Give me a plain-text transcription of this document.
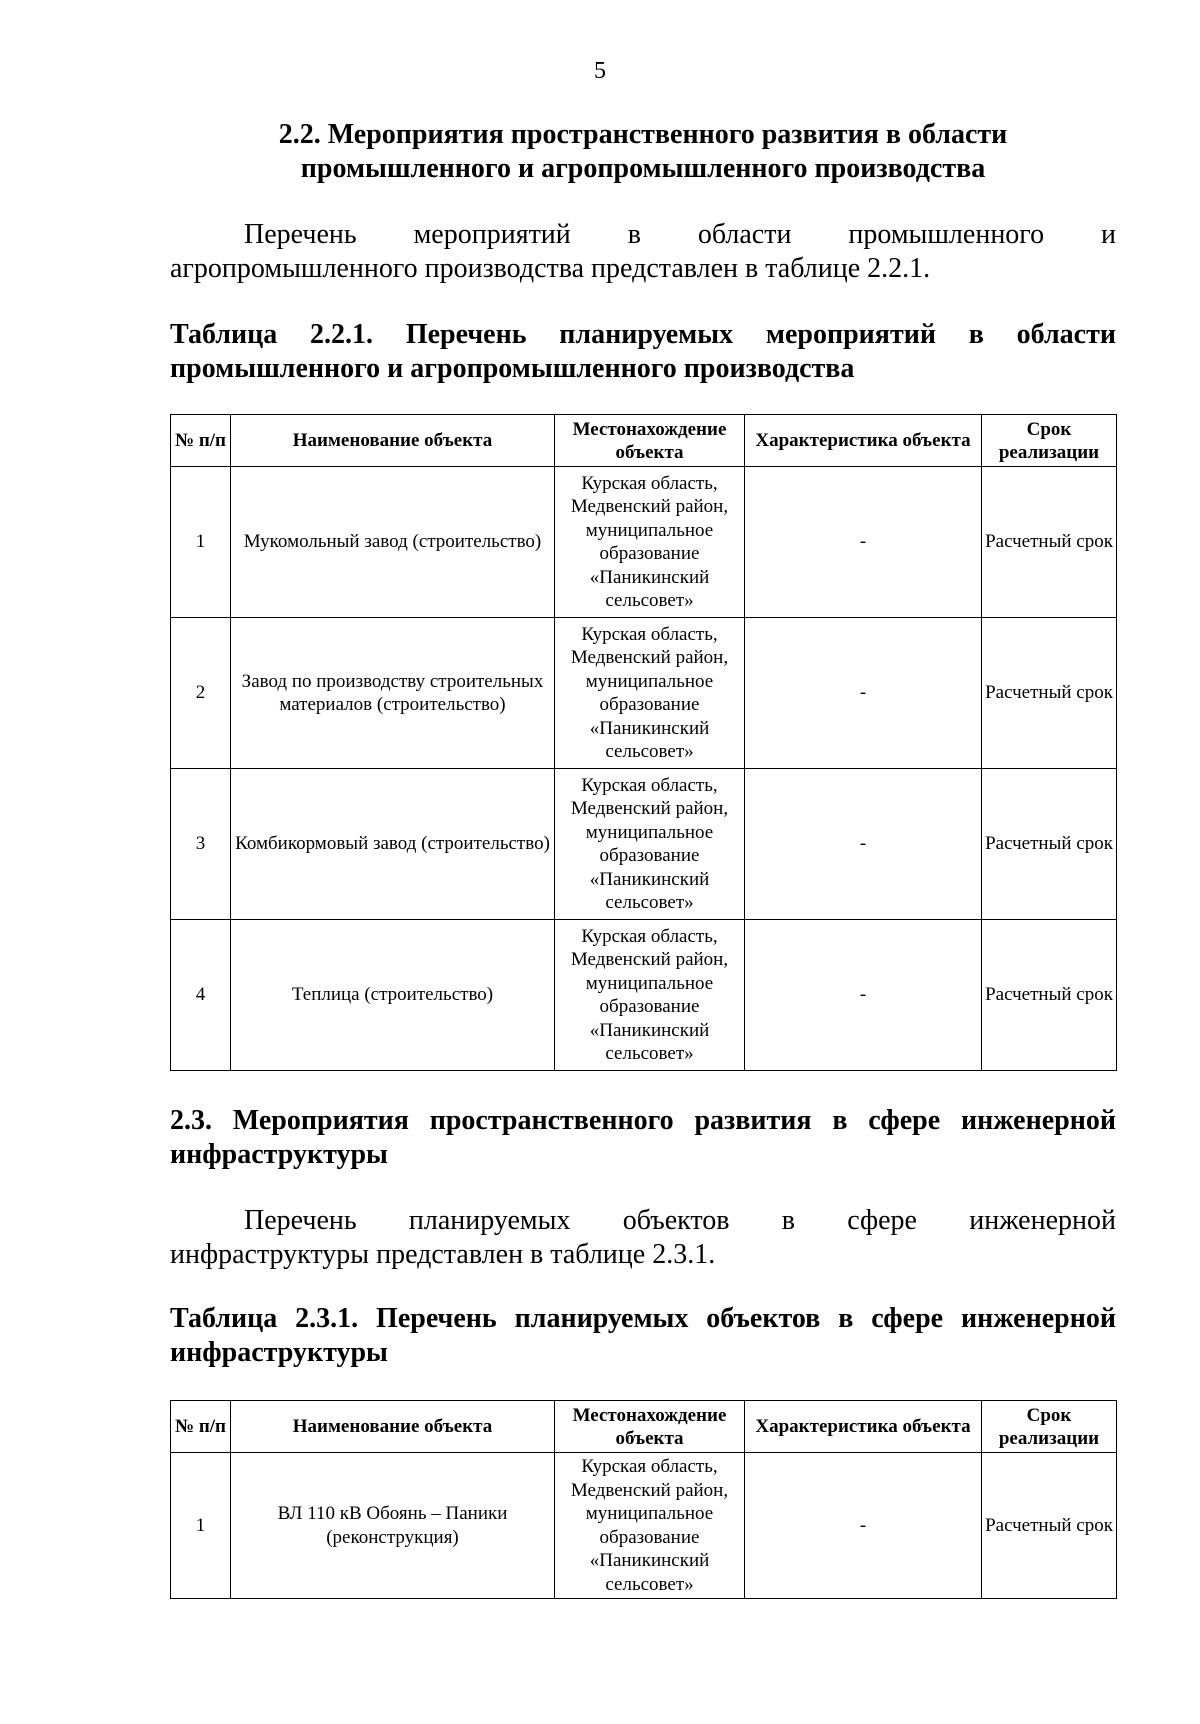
5
2.2. Мероприятия пространственного развития в области
промышленного и агропромышленного производства
Перечень мероприятий в области промышленного и
агропромышленного производства представлен в таблице 2.2.1.
Таблица 2.2.1. Перечень планируемых мероприятий в области
промышленного и агропромышленного производства
№ п/п	Наименование объекта	Местонахождение объекта	Характеристика объекта	Срок реализации
1	Мукомольный завод (строительство)	Курская область, Медвенский район, муниципальное образование «Паникинский сельсовет»	-	Расчетный срок
2	Завод по производству строительных материалов (строительство)	Курская область, Медвенский район, муниципальное образование «Паникинский сельсовет»	-	Расчетный срок
3	Комбикормовый завод (строительство)	Курская область, Медвенский район, муниципальное образование «Паникинский сельсовет»	-	Расчетный срок
4	Теплица (строительство)	Курская область, Медвенский район, муниципальное образование «Паникинский сельсовет»	-	Расчетный срок
2.3. Мероприятия пространственного развития в сфере инженерной
инфраструктуры
Перечень планируемых объектов в сфере инженерной
инфраструктуры представлен в таблице 2.3.1.
Таблица 2.3.1. Перечень планируемых объектов в сфере инженерной
инфраструктуры
№ п/п	Наименование объекта	Местонахождение объекта	Характеристика объекта	Срок реализации
1	ВЛ 110 кВ Обоянь – Паники (реконструкция)	Курская область, Медвенский район, муниципальное образование «Паникинский сельсовет»	-	Расчетный срок
